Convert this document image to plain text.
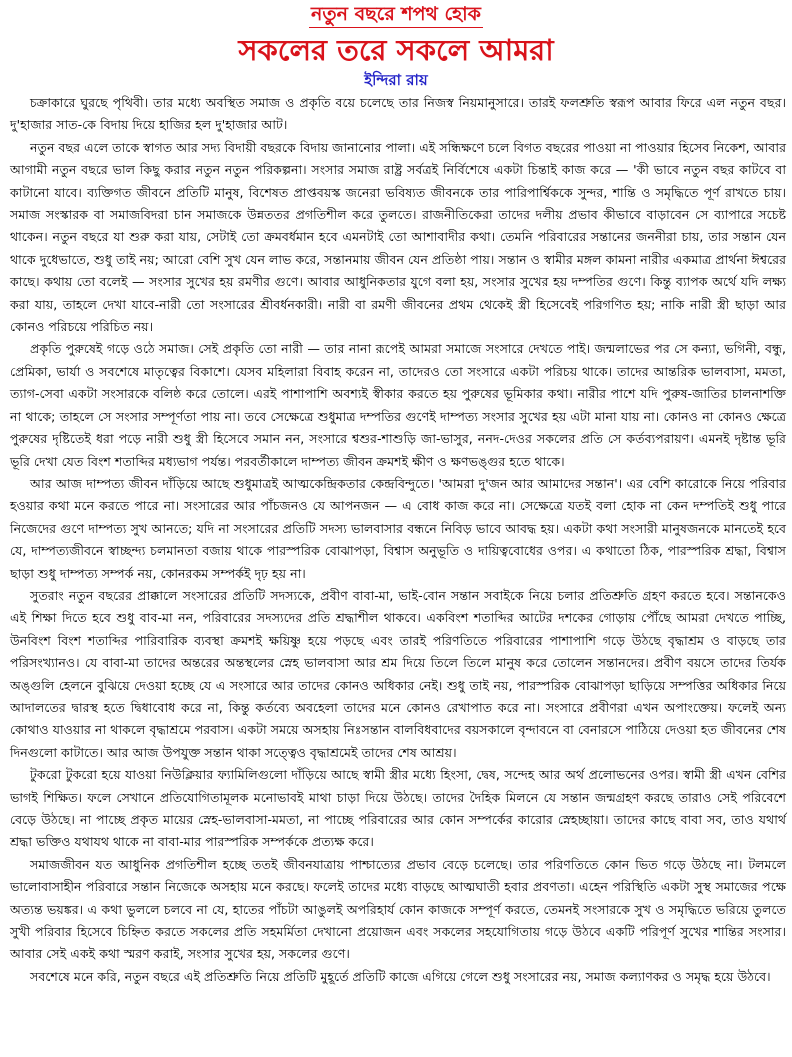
নতুন বছরে শপথ হোক
সকলের তরে সকলে আমরা
ইন্দিরা রায়

চক্রাকারে ঘুরছে পৃথিবী। তার মধ্যে অবস্থিত সমাজ ও প্রকৃতি বয়ে চলেছে তার নিজস্ব নিয়মানুসারে। তারই ফলশ্রুতি স্বরূপ আবার ফিরে এল নতুন বছর। দু'হাজার সাত-কে বিদায় দিয়ে হাজির হল দু'হাজার আট।

নতুন বছর এলে তাকে স্বাগত আর সদ্য বিদায়ী বছরকে বিদায় জানানোর পালা। এই সন্ধিক্ষণে চলে বিগত বছরের পাওয়া না পাওয়ার হিসেব নিকেশ, আবার আগামী নতুন বছরে ভাল কিছু করার নতুন নতুন পরিকল্পনা। সংসার সমাজ রাষ্ট্র সর্বত্রই নির্বিশেষে একটা চিন্তাই কাজ করে — 'কী ভাবে নতুন বছর কাটবে বা কাটানো যাবে। ব্যক্তিগত জীবনে প্রতিটি মানুষ, বিশেষত প্রাপ্তবয়স্ক জনেরা ভবিষ্যত জীবনকে তার পারিপার্শ্বিককে সুন্দর, শান্তি ও সমৃদ্ধিতে পূর্ণ রাখতে চায়। সমাজ সংস্কারক বা সমাজবিদরা চান সমাজকে উন্নততর প্রগতিশীল করে তুলতে। রাজনীতিকেরা তাদের দলীয় প্রভাব কীভাবে বাড়াবেন সে ব্যাপারে সচেষ্ট থাকেন। নতুন বছরে যা শুরু করা যায়, সেটাই তো ক্রমবর্ধমান হবে এমনটাই তো আশাবাদীর কথা। তেমনি পরিবারের সন্তানের জননীরা চায়, তার সন্তান যেন থাকে দুধেভাতে, শুধু তাই নয়; আরো বেশি সুখ যেন লাভ করে, সন্তানমায় জীবন যেন প্রতিষ্ঠা পায়। সন্তান ও স্বামীর মঙ্গল কামনা নারীর একমাত্র প্রার্থনা ঈশ্বরের কাছে। কথায় তো বলেই — সংসার সুখের হয় রমণীর গুণে। আবার আধুনিকতার যুগে বলা হয়, সংসার সুখের হয় দম্পতির গুণে। কিন্তু ব্যাপক অর্থে যদি লক্ষ্য করা যায়, তাহলে দেখা যাবে-নারী তো সংসারের শ্রীবর্ধনকারী। নারী বা রমণী জীবনের প্রথম থেকেই স্ত্রী হিসেবেই পরিগণিত হয়; নাকি নারী স্ত্রী ছাড়া আর কোনও পরিচয়ে পরিচিত নয়।

প্রকৃতি পুরুষেই গড়ে ওঠে সমাজ। সেই প্রকৃতি তো নারী — তার নানা রূপেই আমরা সমাজে সংসারে দেখতে পাই। জন্মলাভের পর সে কন্যা, ভগিনী, বন্ধু, প্রেমিকা, ভার্যা ও সবশেষে মাতৃত্বের বিকাশে। যেসব মহিলারা বিবাহ করেন না, তাদেরও তো সংসারে একটা পরিচয় থাকে। তাদের আন্তরিক ভালবাসা, মমতা, ত্যাগ-সেবা একটা সংসারকে বলিষ্ঠ করে তোলে। এরই পাশাপাশি অবশ্যই স্বীকার করতে হয় পুরুষের ভূমিকার কথা। নারীর পাশে যদি পুরুষ-জাতির চালনাশক্তি না থাকে; তাহলে সে সংসার সম্পূর্ণতা পায় না। তবে সেক্ষেত্রে শুধুমাত্র দম্পতির গুণেই দাম্পত্য সংসার সুখের হয় এটা মানা যায় না। কোনও না কোনও ক্ষেত্রে পুরুষের দৃষ্টিতেই ধরা পড়ে নারী শুধু স্ত্রী হিসেবে সমান নন, সংসারে শ্বশুর-শাশুড়ি জা-ভাসুর, ননদ-দেওর সকলের প্রতি সে কর্তব্যপরায়ণ। এমনই দৃষ্টান্ত ভূরি ভূরি দেখা যেত বিংশ শতাব্দির মধ্যভাগ পর্যন্ত। পরবর্তীকালে দাম্পত্য জীবন ক্রমশই ক্ষীণ ও ক্ষণভঙ্গুর হতে থাকে।

আর আজ দাম্পত্য জীবন দাঁড়িয়ে আছে শুধুমাত্রই আত্মকেন্দ্রিকতার কেন্দ্রবিন্দুতে। 'আমরা দু'জন আর আমাদের সন্তান'। এর বেশি কারোকে নিয়ে পরিবার হওয়ার কথা মনে করতে পারে না। সংসারের আর পাঁচজনও যে আপনজন — এ বোধ কাজ করে না। সেক্ষেত্রে যতই বলা হোক না কেন দম্পতিই শুধু পারে নিজেদের গুণে দাম্পত্য সুখ আনতে; যদি না সংসারের প্রতিটি সদস্য ভালবাসার বন্ধনে নিবিড় ভাবে আবদ্ধ হয়। একটা কথা সংসারী মানুষজনকে মানতেই হবে যে, দাম্পত্যজীবনে স্বাচ্ছন্দ্য চলমানতা বজায় থাকে পারস্পরিক বোঝাপড়া, বিশ্বাস অনুভূতি ও দায়িত্ববোধের ওপর। এ কথাতো ঠিক, পারস্পরিক শ্রদ্ধা, বিশ্বাস ছাড়া শুধু দাম্পত্য সম্পর্ক নয়, কোনরকম সম্পর্কই দৃঢ় হয় না।

সুতরাং নতুন বছরের প্রাক্কালে সংসারের প্রতিটি সদস্যকে, প্রবীণ বাবা-মা, ভাই-বোন সন্তান সবাইকে নিয়ে চলার প্রতিশ্রুতি গ্রহণ করতে হবে। সন্তানকেও এই শিক্ষা দিতে হবে শুধু বাব-মা নন, পরিবারের সদস্যদের প্রতি শ্রদ্ধাশীল থাকবে। একবিংশ শতাব্দির আটের দশকের গোড়ায় পৌঁছে আমরা দেখতে পাচ্ছি, উনবিংশ বিংশ শতাব্দির পারিবারিক ব্যবস্থা ক্রমশই ক্ষয়িষ্ণু হয়ে পড়ছে এবং তারই পরিণতিতে পরিবারের পাশাপাশি গড়ে উঠছে বৃদ্ধাশ্রম ও বাড়ছে তার পরিসংখ্যানও। যে বাবা-মা তাদের অন্তরের অন্তস্থলের স্নেহ ভালবাসা আর শ্রম দিয়ে তিলে তিলে মানুষ করে তোলেন সন্তানদের। প্রবীণ বয়সে তাদের তির্যক অঙ্গুলি হেলনে বুঝিয়ে দেওয়া হচ্ছে যে এ সংসারে আর তাদের কোনও অধিকার নেই। শুধু তাই নয়, পারস্পরিক বোঝাপড়া ছাড়িয়ে সম্পত্তির অধিকার নিয়ে আদালতের দ্বারস্থ হতে দ্বিধাবোধ করে না, কিন্তু কর্তব্যে অবহেলা তাদের মনে কোনও রেখাপাত করে না। সংসারে প্রবীণরা এখন অপাংক্তেয়। ফলেই অন্য কোথাও যাওয়ার না থাকলে বৃদ্ধাশ্রমে পরবাস। একটা সময়ে অসহায় নিঃসন্তান বালবিধবাদের বয়সকালে বৃন্দাবনে বা বেনারসে পাঠিয়ে দেওয়া হত জীবনের শেষ দিনগুলো কাটাতে। আর আজ উপযুক্ত সন্তান থাকা সত্ত্বেও বৃদ্ধাশ্রমেই তাদের শেষ আশ্রয়।

টুকরো টুকরো হয়ে যাওয়া নিউক্লিয়ার ফ্যামিলিগুলো দাঁড়িয়ে আছে স্বামী স্ত্রীর মধ্যে হিংসা, দ্বেষ, সন্দেহ আর অর্থ প্রলোভনের ওপর। স্বামী স্ত্রী এখন বেশির ভাগই শিক্ষিত। ফলে সেখানে প্রতিযোগিতামূলক মনোভাবই মাথা চাড়া দিয়ে উঠছে। তাদের দৈহিক মিলনে যে সন্তান জন্মগ্রহণ করছে তারাও সেই পরিবেশে বেড়ে উঠছে। না পাচ্ছে প্রকৃত মায়ের স্নেহ-ভালবাসা-মমতা, না পাচ্ছে পরিবারের আর কোন সম্পর্কের কারোর স্নেহচ্ছায়া। তাদের কাছে বাবা সব, তাও যথার্থ শ্রদ্ধা ভক্তিও যথাযথ থাকে না বাবা-মার পারস্পরিক সম্পর্ককে প্রত্যক্ষ করে।

সমাজজীবন যত আধুনিক প্রগতিশীল হচ্ছে ততই জীবনযাত্রায় পাশ্চাত্যের প্রভাব বেড়ে চলেছে। তার পরিণতিতে কোন ভিত গড়ে উঠছে না। টলমলে ভালোবাসাহীন পরিবারে সন্তান নিজেকে অসহায় মনে করছে। ফলেই তাদের মধ্যে বাড়ছে আত্মঘাতী হবার প্রবণতা। এহেন পরিস্থিতি একটা সুস্থ সমাজের পক্ষে অত্যন্ত ভয়ঙ্কর। এ কথা ভুললে চলবে না যে, হাতের পাঁচটা আঙুলই অপরিহার্য কোন কাজকে সম্পূর্ণ করতে, তেমনই সংসারকে সুখ ও সমৃদ্ধিতে ভরিয়ে তুলতে সুখী পরিবার হিসেবে চিহ্নিত করতে সকলের প্রতি সহমর্মিতা দেখানো প্রয়োজন এবং সকলের সহযোগিতায় গড়ে উঠবে একটি পরিপূর্ণ সুখের শান্তির সংসার। আবার সেই একই কথা স্মরণ করাই, সংসার সুখের হয়, সকলের গুণে।

সবশেষে মনে করি, নতুন বছরে এই প্রতিশ্রুতি নিয়ে প্রতিটি মুহূর্তে প্রতিটি কাজে এগিয়ে গেলে শুধু সংসারের নয়, সমাজ কল্যাণকর ও সমৃদ্ধ হয়ে উঠবে।
